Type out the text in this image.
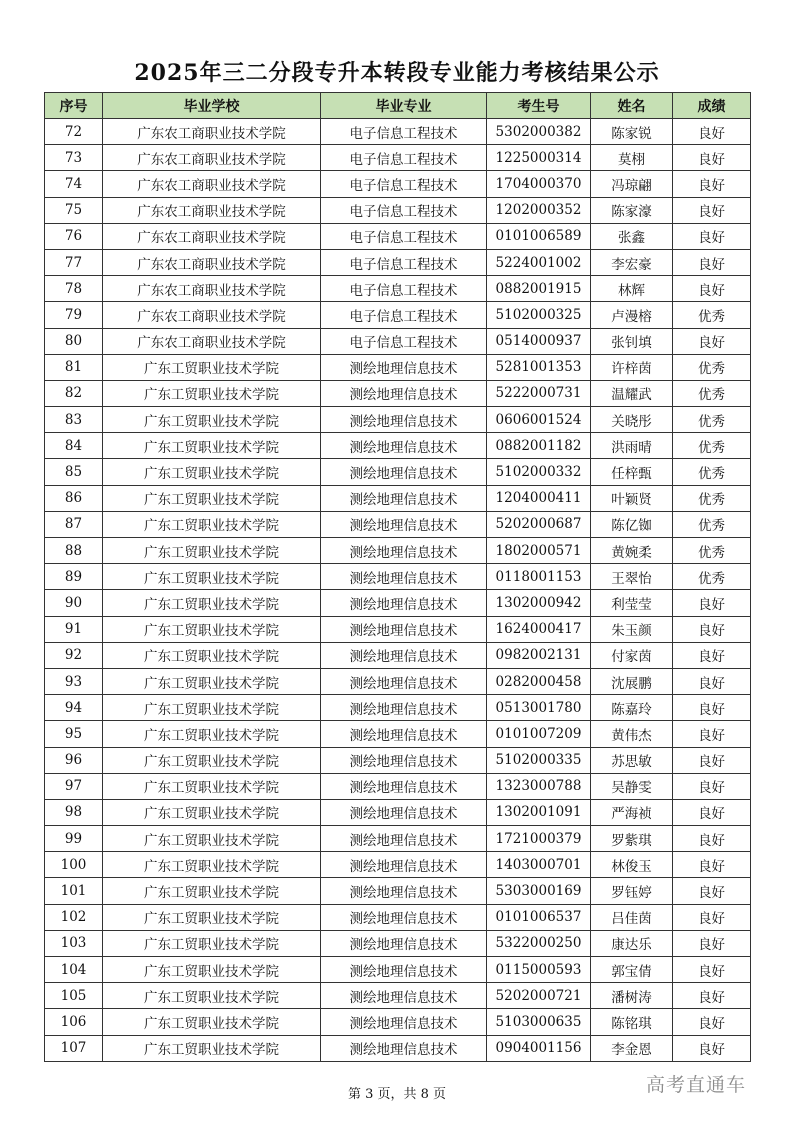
2025年三二分段专升本转段专业能力考核结果公示
序号	毕业学校	毕业专业	考生号	姓名	成绩
72	广东农工商职业技术学院	电子信息工程技术	5302000382	陈家锐	良好
73	广东农工商职业技术学院	电子信息工程技术	1225000314	莫栩	良好
74	广东农工商职业技术学院	电子信息工程技术	1704000370	冯琼翩	良好
75	广东农工商职业技术学院	电子信息工程技术	1202000352	陈家濠	良好
76	广东农工商职业技术学院	电子信息工程技术	0101006589	张鑫	良好
77	广东农工商职业技术学院	电子信息工程技术	5224001002	李宏豪	良好
78	广东农工商职业技术学院	电子信息工程技术	0882001915	林辉	良好
79	广东农工商职业技术学院	电子信息工程技术	5102000325	卢漫榕	优秀
80	广东农工商职业技术学院	电子信息工程技术	0514000937	张钊填	良好
81	广东工贸职业技术学院	测绘地理信息技术	5281001353	许梓茵	优秀
82	广东工贸职业技术学院	测绘地理信息技术	5222000731	温耀武	优秀
83	广东工贸职业技术学院	测绘地理信息技术	0606001524	关晓彤	优秀
84	广东工贸职业技术学院	测绘地理信息技术	0882001182	洪雨晴	优秀
85	广东工贸职业技术学院	测绘地理信息技术	5102000332	任梓甄	优秀
86	广东工贸职业技术学院	测绘地理信息技术	1204000411	叶颖贤	优秀
87	广东工贸职业技术学院	测绘地理信息技术	5202000687	陈亿铷	优秀
88	广东工贸职业技术学院	测绘地理信息技术	1802000571	黄婉柔	优秀
89	广东工贸职业技术学院	测绘地理信息技术	0118001153	王翠怡	优秀
90	广东工贸职业技术学院	测绘地理信息技术	1302000942	利莹莹	良好
91	广东工贸职业技术学院	测绘地理信息技术	1624000417	朱玉颜	良好
92	广东工贸职业技术学院	测绘地理信息技术	0982002131	付家茵	良好
93	广东工贸职业技术学院	测绘地理信息技术	0282000458	沈展鹏	良好
94	广东工贸职业技术学院	测绘地理信息技术	0513001780	陈嘉玲	良好
95	广东工贸职业技术学院	测绘地理信息技术	0101007209	黄伟杰	良好
96	广东工贸职业技术学院	测绘地理信息技术	5102000335	苏思敏	良好
97	广东工贸职业技术学院	测绘地理信息技术	1323000788	吴静雯	良好
98	广东工贸职业技术学院	测绘地理信息技术	1302001091	严海祯	良好
99	广东工贸职业技术学院	测绘地理信息技术	1721000379	罗紫琪	良好
100	广东工贸职业技术学院	测绘地理信息技术	1403000701	林俊玉	良好
101	广东工贸职业技术学院	测绘地理信息技术	5303000169	罗钰婷	良好
102	广东工贸职业技术学院	测绘地理信息技术	0101006537	吕佳茵	良好
103	广东工贸职业技术学院	测绘地理信息技术	5322000250	康达乐	良好
104	广东工贸职业技术学院	测绘地理信息技术	0115000593	郭宝倩	良好
105	广东工贸职业技术学院	测绘地理信息技术	5202000721	潘树涛	良好
106	广东工贸职业技术学院	测绘地理信息技术	5103000635	陈铭琪	良好
107	广东工贸职业技术学院	测绘地理信息技术	0904001156	李金恩	良好
第 3 页，共 8 页	高考直通车
